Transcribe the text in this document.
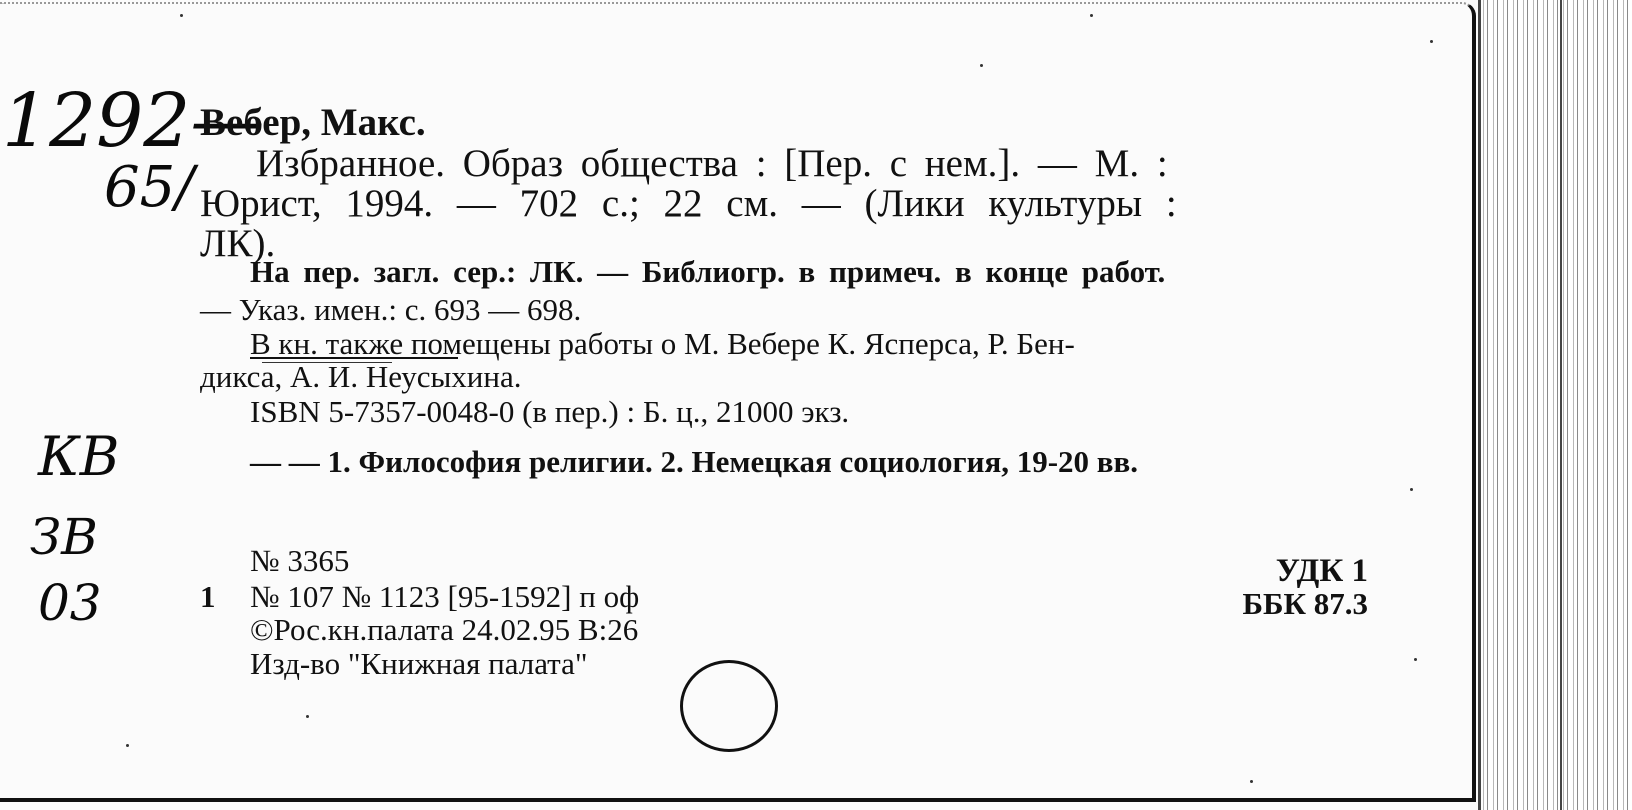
1292—
65/
Вебер, Макс.
Избранное. Образ общества : [Пер. с нем.]. — М. :
Юрист, 1994. — 702 с.; 22 см. — (Лики культуры :
ЛК).
На пер. загл. сер.: ЛК. — Библиогр. в примеч. в конце работ.
— Указ. имен.: с. 693 — 698.
В кн. также помещены работы о М. Вебере К. Ясперса, Р. Бен-
дикса, А. И. Неусыхина.
ISBN 5-7357-0048-0 (в пер.) : Б. ц., 21000 экз.
КВ
ЗВ
03
— — 1. Философия религии. 2. Немецкая социология, 19-20 вв.
№ 3365
1 № 107 № 1123 [95-1592] п оф
©Рос.кн.палата 24.02.95 В:26
Изд-во "Книжная палата"
УДК 1
ББК 87.3
